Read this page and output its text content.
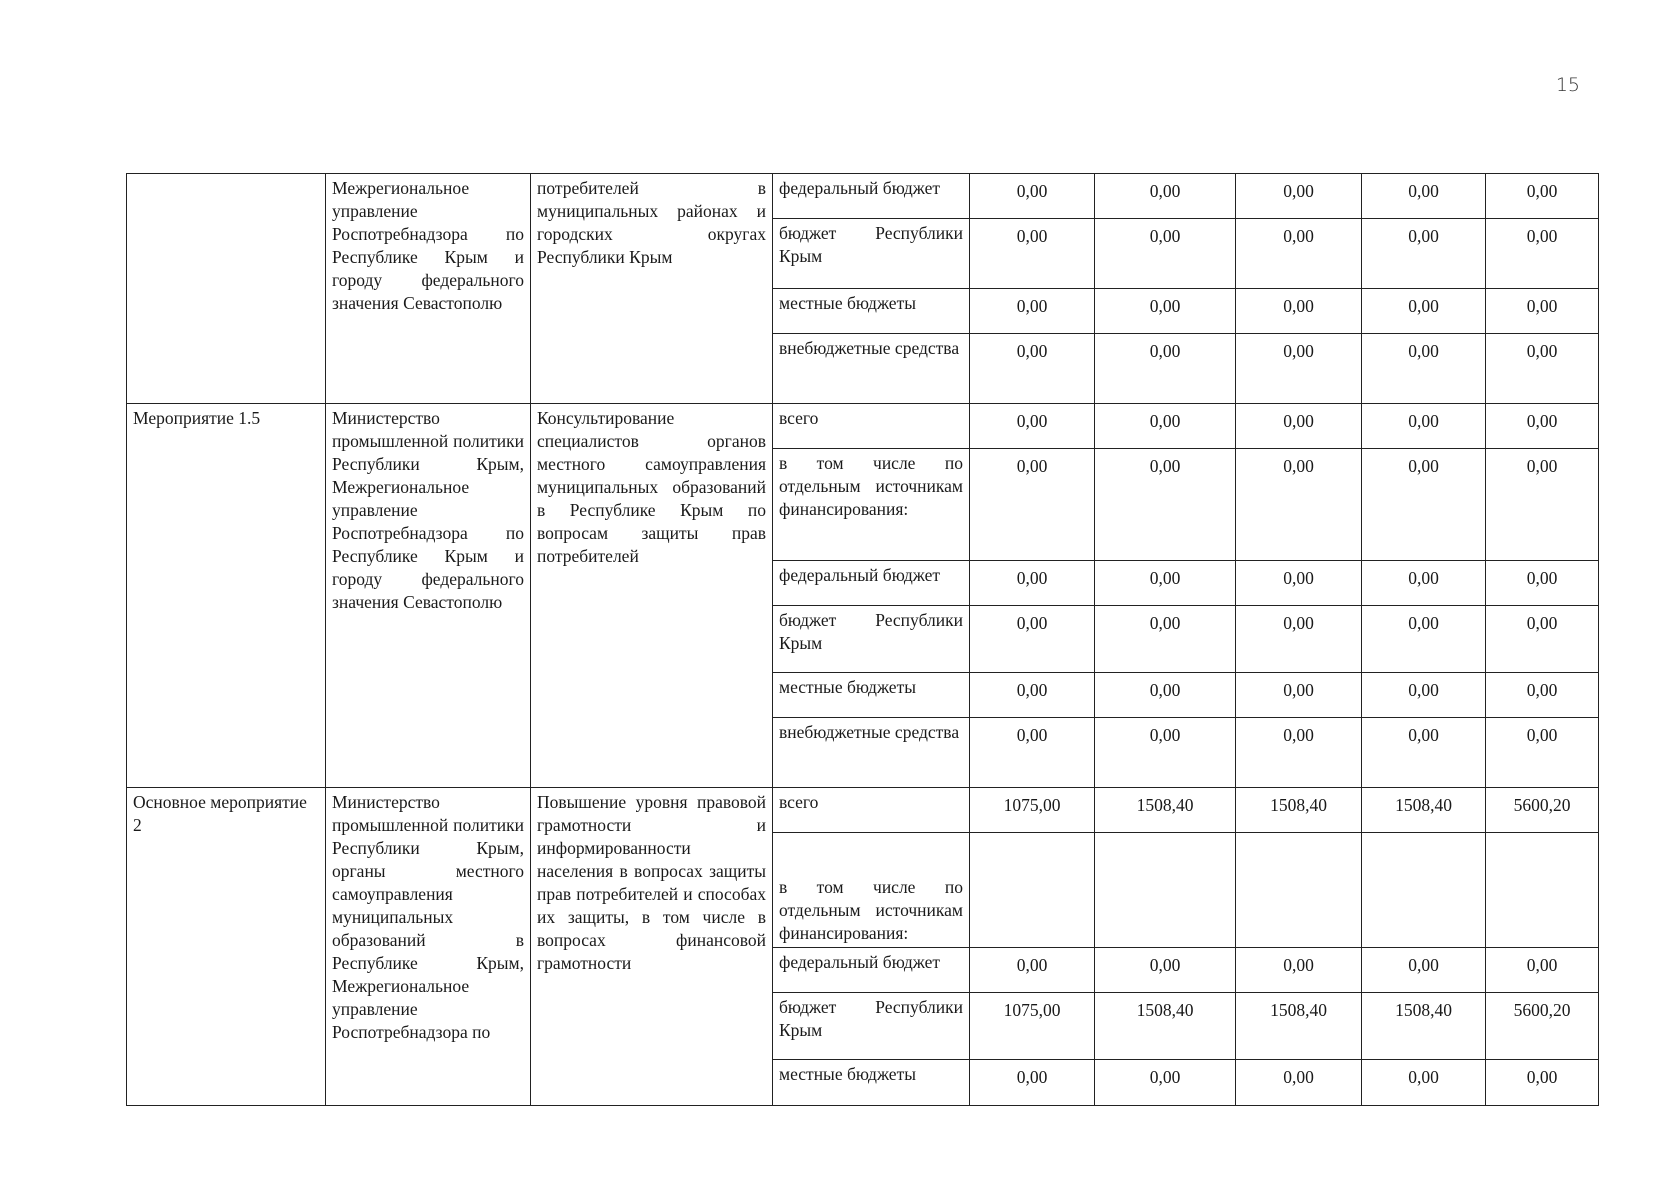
15
	Межрегиональное управление Роспотребнадзора по Республике Крым и городу федерального значения Севастополю	потребителей в муниципальных районах и городских округах Республики Крым	федеральный бюджет	0,00	0,00	0,00	0,00	0,00
			бюджет Республики Крым	0,00	0,00	0,00	0,00	0,00
			местные бюджеты	0,00	0,00	0,00	0,00	0,00
			внебюджетные средства	0,00	0,00	0,00	0,00	0,00
Мероприятие 1.5	Министерство промышленной политики Республики Крым, Межрегиональное управление Роспотребнадзора по Республике Крым и городу федерального значения Севастополю	Консультирование специалистов органов местного самоуправления муниципальных образований в Республике Крым по вопросам защиты прав потребителей	всего	0,00	0,00	0,00	0,00	0,00
			в том числе по отдельным источникам финансирования:	0,00	0,00	0,00	0,00	0,00
			федеральный бюджет	0,00	0,00	0,00	0,00	0,00
			бюджет Республики Крым	0,00	0,00	0,00	0,00	0,00
			местные бюджеты	0,00	0,00	0,00	0,00	0,00
			внебюджетные средства	0,00	0,00	0,00	0,00	0,00
Основное мероприятие 2	Министерство промышленной политики Республики Крым, органы местного самоуправления муниципальных образований в Республике Крым, Межрегиональное управление Роспотребнадзора по	Повышение уровня правовой грамотности и информированности населения в вопросах защиты прав потребителей и способах их защиты, в том числе в вопросах финансовой грамотности	всего	1075,00	1508,40	1508,40	1508,40	5600,20
			в том числе по отдельным источникам финансирования:					
			федеральный бюджет	0,00	0,00	0,00	0,00	0,00
			бюджет Республики Крым	1075,00	1508,40	1508,40	1508,40	5600,20
			местные бюджеты	0,00	0,00	0,00	0,00	0,00
